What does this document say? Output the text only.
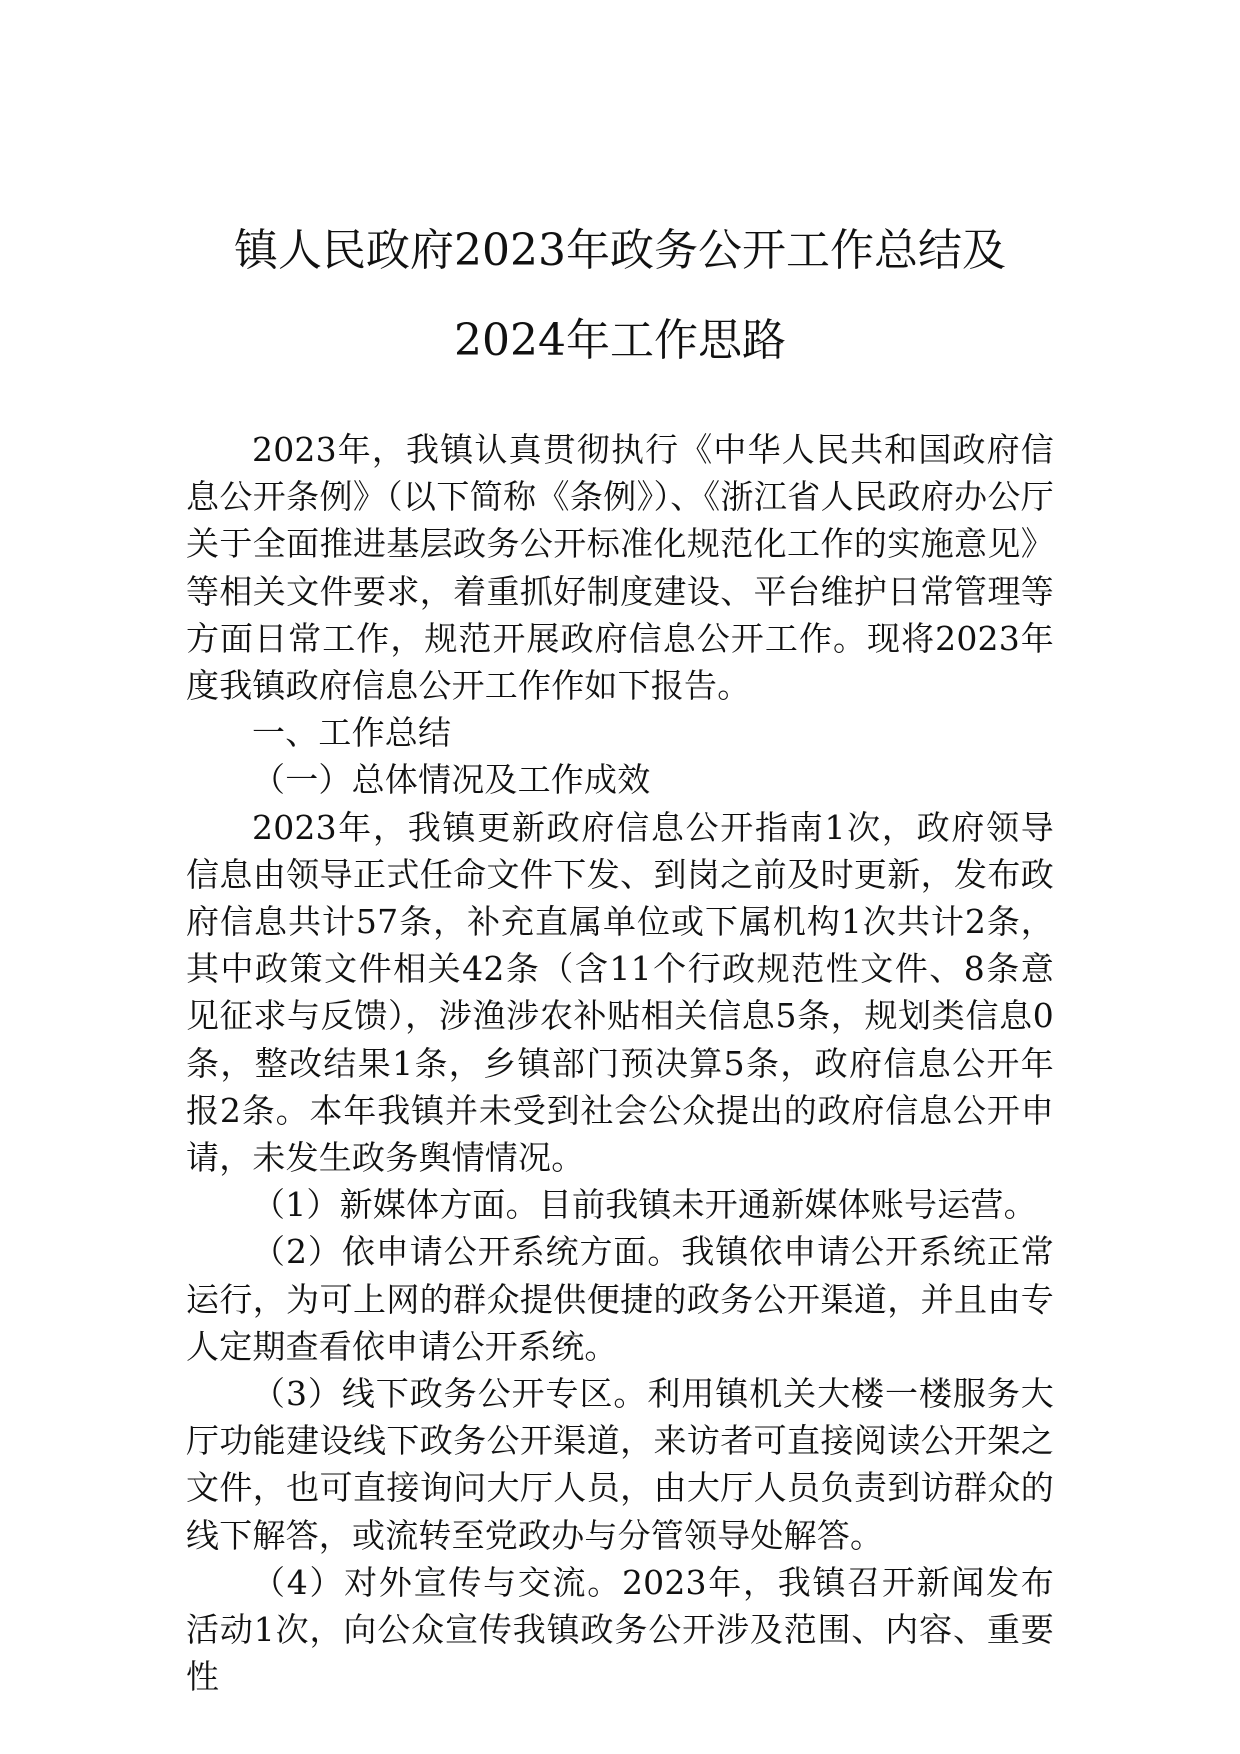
镇人民政府2023年政务公开工作总结及
2024年工作思路

2023年，我镇认真贯彻执行《中华人民共和国政府信息公开条例》（以下简称《条例》）、《浙江省人民政府办公厅关于全面推进基层政务公开标准化规范化工作的实施意见》等相关文件要求，着重抓好制度建设、平台维护日常管理等方面日常工作，规范开展政府信息公开工作。现将2023年度我镇政府信息公开工作作如下报告。

一、工作总结

（一）总体情况及工作成效

2023年，我镇更新政府信息公开指南1次，政府领导信息由领导正式任命文件下发、到岗之前及时更新，发布政府信息共计57条，补充直属单位或下属机构1次共计2条，其中政策文件相关42条（含11个行政规范性文件、8条意见征求与反馈），涉渔涉农补贴相关信息5条，规划类信息0条，整改结果1条，乡镇部门预决算5条，政府信息公开年报2条。本年我镇并未受到社会公众提出的政府信息公开申请，未发生政务舆情情况。

（1）新媒体方面。目前我镇未开通新媒体账号运营。

（2）依申请公开系统方面。我镇依申请公开系统正常运行，为可上网的群众提供便捷的政务公开渠道，并且由专人定期查看依申请公开系统。

（3）线下政务公开专区。利用镇机关大楼一楼服务大厅功能建设线下政务公开渠道，来访者可直接阅读公开架之文件，也可直接询问大厅人员，由大厅人员负责到访群众的线下解答，或流转至党政办与分管领导处解答。

（4）对外宣传与交流。2023年，我镇召开新闻发布活动1次，向公众宣传我镇政务公开涉及范围、内容、重要性
